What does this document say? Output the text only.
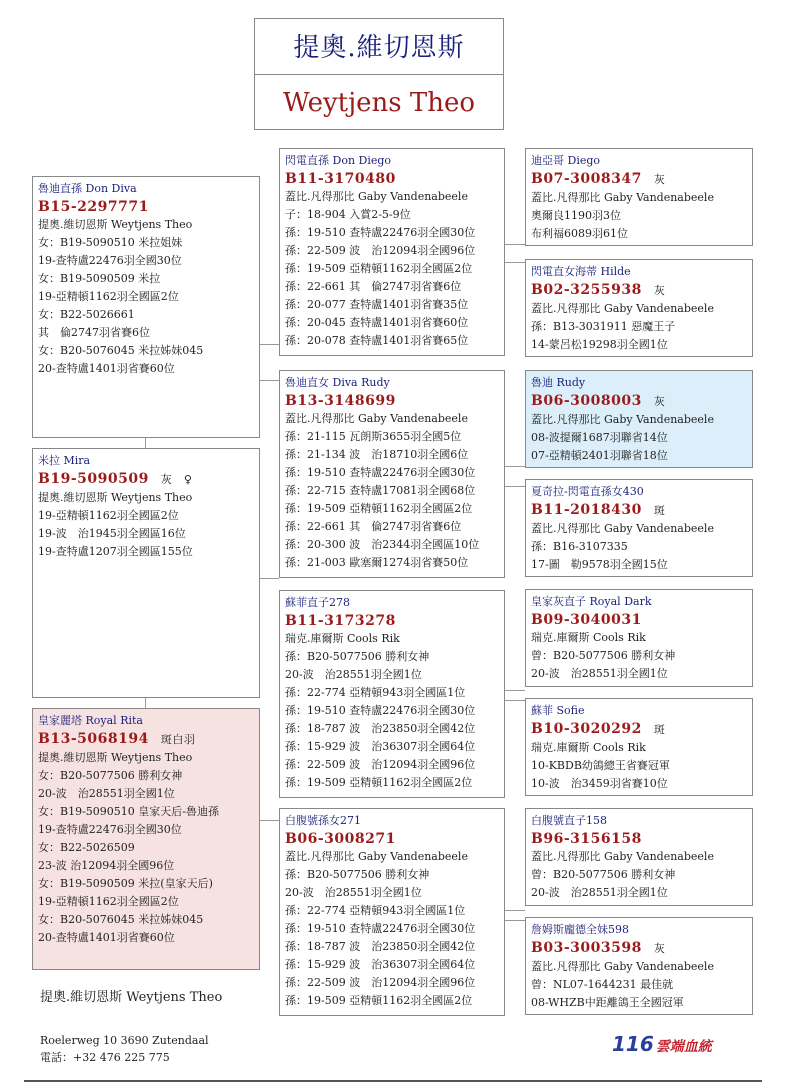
提奧.維切恩斯
Weytjens Theo
魯迪直孫 Don Diva
B15-2297771
提奧.維切恩斯 Weytjens Theo
女：B19-5090510 米拉姐妹
19-查特盧22476羽全國30位
女：B19-5090509 米拉
19-亞精頓1162羽全國區2位
女：B22-5026661
其　倫2747羽省賽6位
女：B20-5076045 米拉姊妹045
20-查特盧1401羽省賽60位
米拉 Mira
B19-5090509 灰　♀
提奧.維切恩斯 Weytjens Theo
19-亞精頓1162羽全國區2位
19-波　治1945羽全國區16位
19-查特盧1207羽全國區155位
閃電直孫 Don Diego
B11-3170480
蓋比.凡得那比 Gaby Vandenabeele
子：18-904 入賞2-5-9位
孫：19-510 查特盧22476羽全國30位
孫：22-509 波　治12094羽全國96位
孫：19-509 亞精頓1162羽全國區2位
孫：22-661 其　倫2747羽省賽6位
孫：20-077 查特盧1401羽省賽35位
孫：20-045 查特盧1401羽省賽60位
孫：20-078 查特盧1401羽省賽65位
魯迪直女 Diva Rudy
B13-3148699
蓋比.凡得那比 Gaby Vandenabeele
孫：21-115 瓦朗斯3655羽全國5位
孫：21-134 波　治18710羽全國6位
孫：19-510 查特盧22476羽全國30位
孫：22-715 查特盧17081羽全國68位
孫：19-509 亞精頓1162羽全國區2位
孫：22-661 其　倫2747羽省賽6位
孫：20-300 波　治2344羽全國區10位
孫：21-003 歐塞爾1274羽省賽50位
迪亞哥 Diego
B07-3008347 灰
蓋比.凡得那比 Gaby Vandenabeele
奧爾良1190羽3位
布利福6089羽61位
閃電直女海蒂 Hilde
B02-3255938 灰
蓋比.凡得那比 Gaby Vandenabeele
孫：B13-3031911 惡魔王子
14-蒙呂松19298羽全國1位
魯迪 Rudy
B06-3008003 灰
蓋比.凡得那比 Gaby Vandenabeele
08-波提爾1687羽聯省14位
07-亞精頓2401羽聯省18位
夏奇拉-閃電直孫女430
B11-2018430 斑
蓋比.凡得那比 Gaby Vandenabeele
孫：B16-3107335
17-圖　勒9578羽全國15位
皇家麗塔 Royal Rita
B13-5068194 斑白羽
提奧.維切恩斯 Weytjens Theo
女：B20-5077506 勝利女神
20-波　治28551羽全國1位
女：B19-5090510 皇家天后-魯迪孫
19-查特盧22476羽全國30位
女：B22-5026509
23-波 治12094羽全國96位
女：B19-5090509 米拉(皇家天后)
19-亞精頓1162羽全國區2位
女：B20-5076045 米拉姊妹045
20-查特盧1401羽省賽60位
蘇菲直子278
B11-3173278
瑞克.庫爾斯 Cools Rik
孫：B20-5077506 勝利女神
20-波　治28551羽全國1位
孫：22-774 亞精頓943羽全國區1位
孫：19-510 查特盧22476羽全國30位
孫：18-787 波　治23850羽全國42位
孫：15-929 波　治36307羽全國64位
孫：22-509 波　治12094羽全國96位
孫：19-509 亞精頓1162羽全國區2位
白腹號孫女271
B06-3008271
蓋比.凡得那比 Gaby Vandenabeele
孫：B20-5077506 勝利女神
20-波　治28551羽全國1位
孫：22-774 亞精頓943羽全國區1位
孫：19-510 查特盧22476羽全國30位
孫：18-787 波　治23850羽全國42位
孫：15-929 波　治36307羽全國64位
孫：22-509 波　治12094羽全國96位
孫：19-509 亞精頓1162羽全國區2位
皇家灰直子 Royal Dark
B09-3040031
瑞克.庫爾斯 Cools Rik
曾：B20-5077506 勝利女神
20-波　治28551羽全國1位
蘇菲 Sofie
B10-3020292 斑
瑞克.庫爾斯 Cools Rik
10-KBDB幼鴿總王省賽冠軍
10-波　治3459羽省賽10位
白腹號直子158
B96-3156158
蓋比.凡得那比 Gaby Vandenabeele
曾：B20-5077506 勝利女神
20-波　治28551羽全國1位
詹姆斯龐德全妹598
B03-3003598 灰
蓋比.凡得那比 Gaby Vandenabeele
曾：NL07-1644231 最佳就
08-WHZB中距離鴿王全國冠軍
提奧.維切恩斯 Weytjens Theo
Roelerweg 10 3690 Zutendaal
電話：+32 476 225 775
116 雲端血統
